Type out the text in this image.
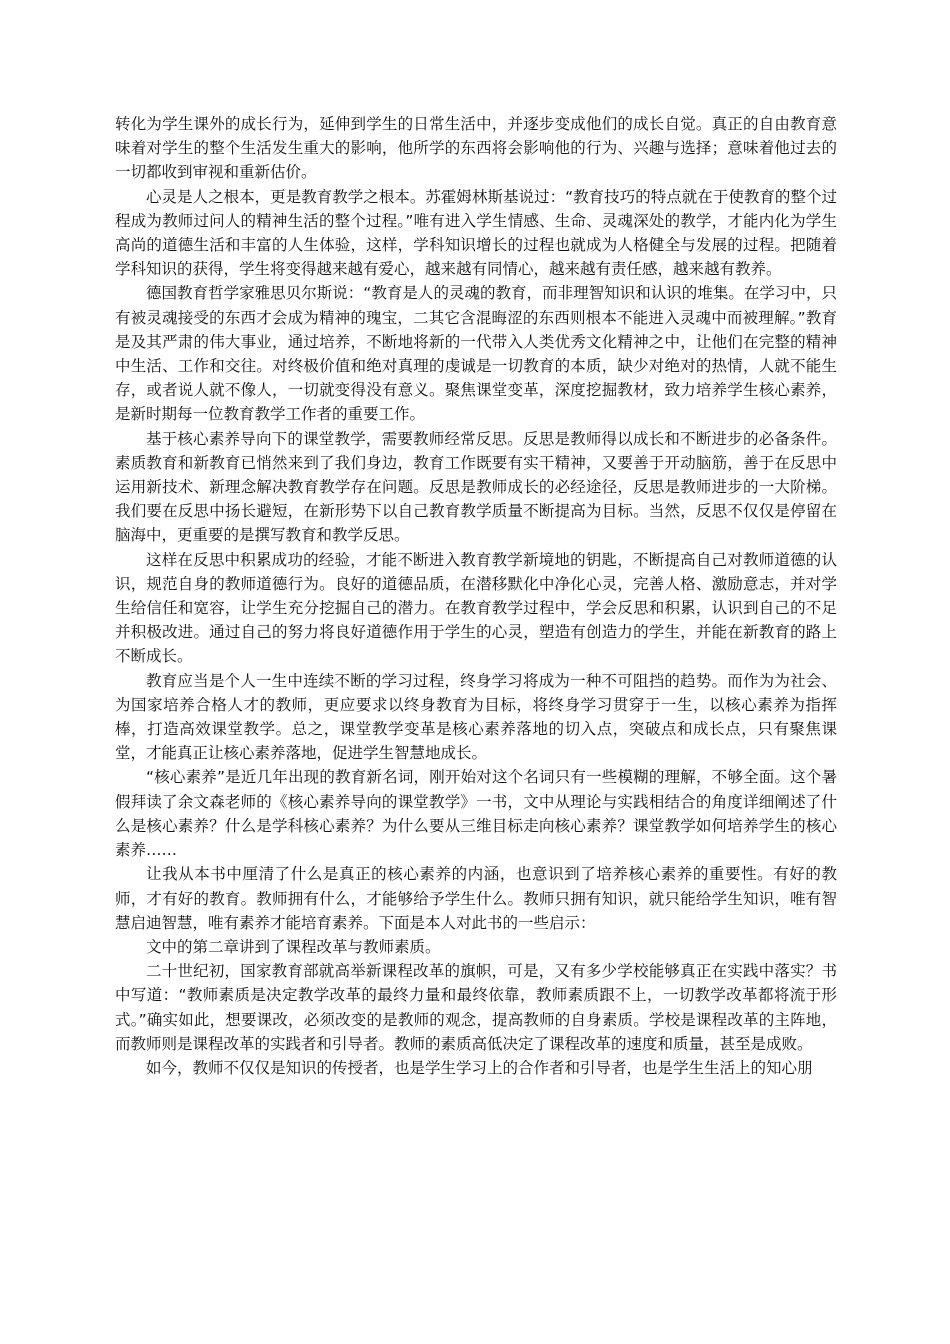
转化为学生课外的成长行为，延伸到学生的日常生活中，并逐步变成他们的成长自觉。真正的自由教育意味着对学生的整个生活发生重大的影响，他所学的东西将会影响他的行为、兴趣与选择；意味着他过去的一切都收到审视和重新估价。

心灵是人之根本，更是教育教学之根本。苏霍姆林斯基说过：“教育技巧的特点就在于使教育的整个过程成为教师过问人的精神生活的整个过程。”唯有进入学生情感、生命、灵魂深处的教学，才能内化为学生高尚的道德生活和丰富的人生体验，这样，学科知识增长的过程也就成为人格健全与发展的过程。把随着学科知识的获得，学生将变得越来越有爱心，越来越有同情心，越来越有责任感，越来越有教养。

德国教育哲学家雅思贝尔斯说：“教育是人的灵魂的教育，而非理智知识和认识的堆集。在学习中，只有被灵魂接受的东西才会成为精神的瑰宝，二其它含混晦涩的东西则根本不能进入灵魂中而被理解。”教育是及其严肃的伟大事业，通过培养，不断地将新的一代带入人类优秀文化精神之中，让他们在完整的精神中生活、工作和交往。对终极价值和绝对真理的虔诚是一切教育的本质，缺少对绝对的热情，人就不能生存，或者说人就不像人，一切就变得没有意义。聚焦课堂变革，深度挖掘教材，致力培养学生核心素养，是新时期每一位教育教学工作者的重要工作。

基于核心素养导向下的课堂教学，需要教师经常反思。反思是教师得以成长和不断进步的必备条件。素质教育和新教育已悄然来到了我们身边，教育工作既要有实干精神，又要善于开动脑筋，善于在反思中运用新技术、新理念解决教育教学存在问题。反思是教师成长的必经途径，反思是教师进步的一大阶梯。我们要在反思中扬长避短，在新形势下以自己教育教学质量不断提高为目标。当然，反思不仅仅是停留在脑海中，更重要的是撰写教育和教学反思。

这样在反思中积累成功的经验，才能不断进入教育教学新境地的钥匙，不断提高自己对教师道德的认识，规范自身的教师道德行为。良好的道德品质，在潜移默化中净化心灵，完善人格、激励意志，并对学生给信任和宽容，让学生充分挖掘自己的潜力。在教育教学过程中，学会反思和积累，认识到自己的不足并积极改进。通过自己的努力将良好道德作用于学生的心灵，塑造有创造力的学生，并能在新教育的路上不断成长。

教育应当是个人一生中连续不断的学习过程，终身学习将成为一种不可阻挡的趋势。而作为为社会、为国家培养合格人才的教师，更应要求以终身教育为目标，将终身学习贯穿于一生，以核心素养为指挥棒，打造高效课堂教学。总之，课堂教学变革是核心素养落地的切入点，突破点和成长点，只有聚焦课堂，才能真正让核心素养落地，促进学生智慧地成长。

“核心素养”是近几年出现的教育新名词，刚开始对这个名词只有一些模糊的理解，不够全面。这个暑假拜读了余文森老师的《核心素养导向的课堂教学》一书，文中从理论与实践相结合的角度详细阐述了什么是核心素养？什么是学科核心素养？为什么要从三维目标走向核心素养？课堂教学如何培养学生的核心素养……

让我从本书中厘清了什么是真正的核心素养的内涵，也意识到了培养核心素养的重要性。有好的教师，才有好的教育。教师拥有什么，才能够给予学生什么。教师只拥有知识，就只能给学生知识，唯有智慧启迪智慧，唯有素养才能培育素养。下面是本人对此书的一些启示：

文中的第二章讲到了课程改革与教师素质。

二十世纪初，国家教育部就高举新课程改革的旗帜，可是，又有多少学校能够真正在实践中落实？书中写道：“教师素质是决定教学改革的最终力量和最终依靠，教师素质跟不上，一切教学改革都将流于形式。”确实如此，想要课改，必须改变的是教师的观念，提高教师的自身素质。学校是课程改革的主阵地，而教师则是课程改革的实践者和引导者。教师的素质高低决定了课程改革的速度和质量，甚至是成败。

如今，教师不仅仅是知识的传授者，也是学生学习上的合作者和引导者，也是学生生活上的知心朋
